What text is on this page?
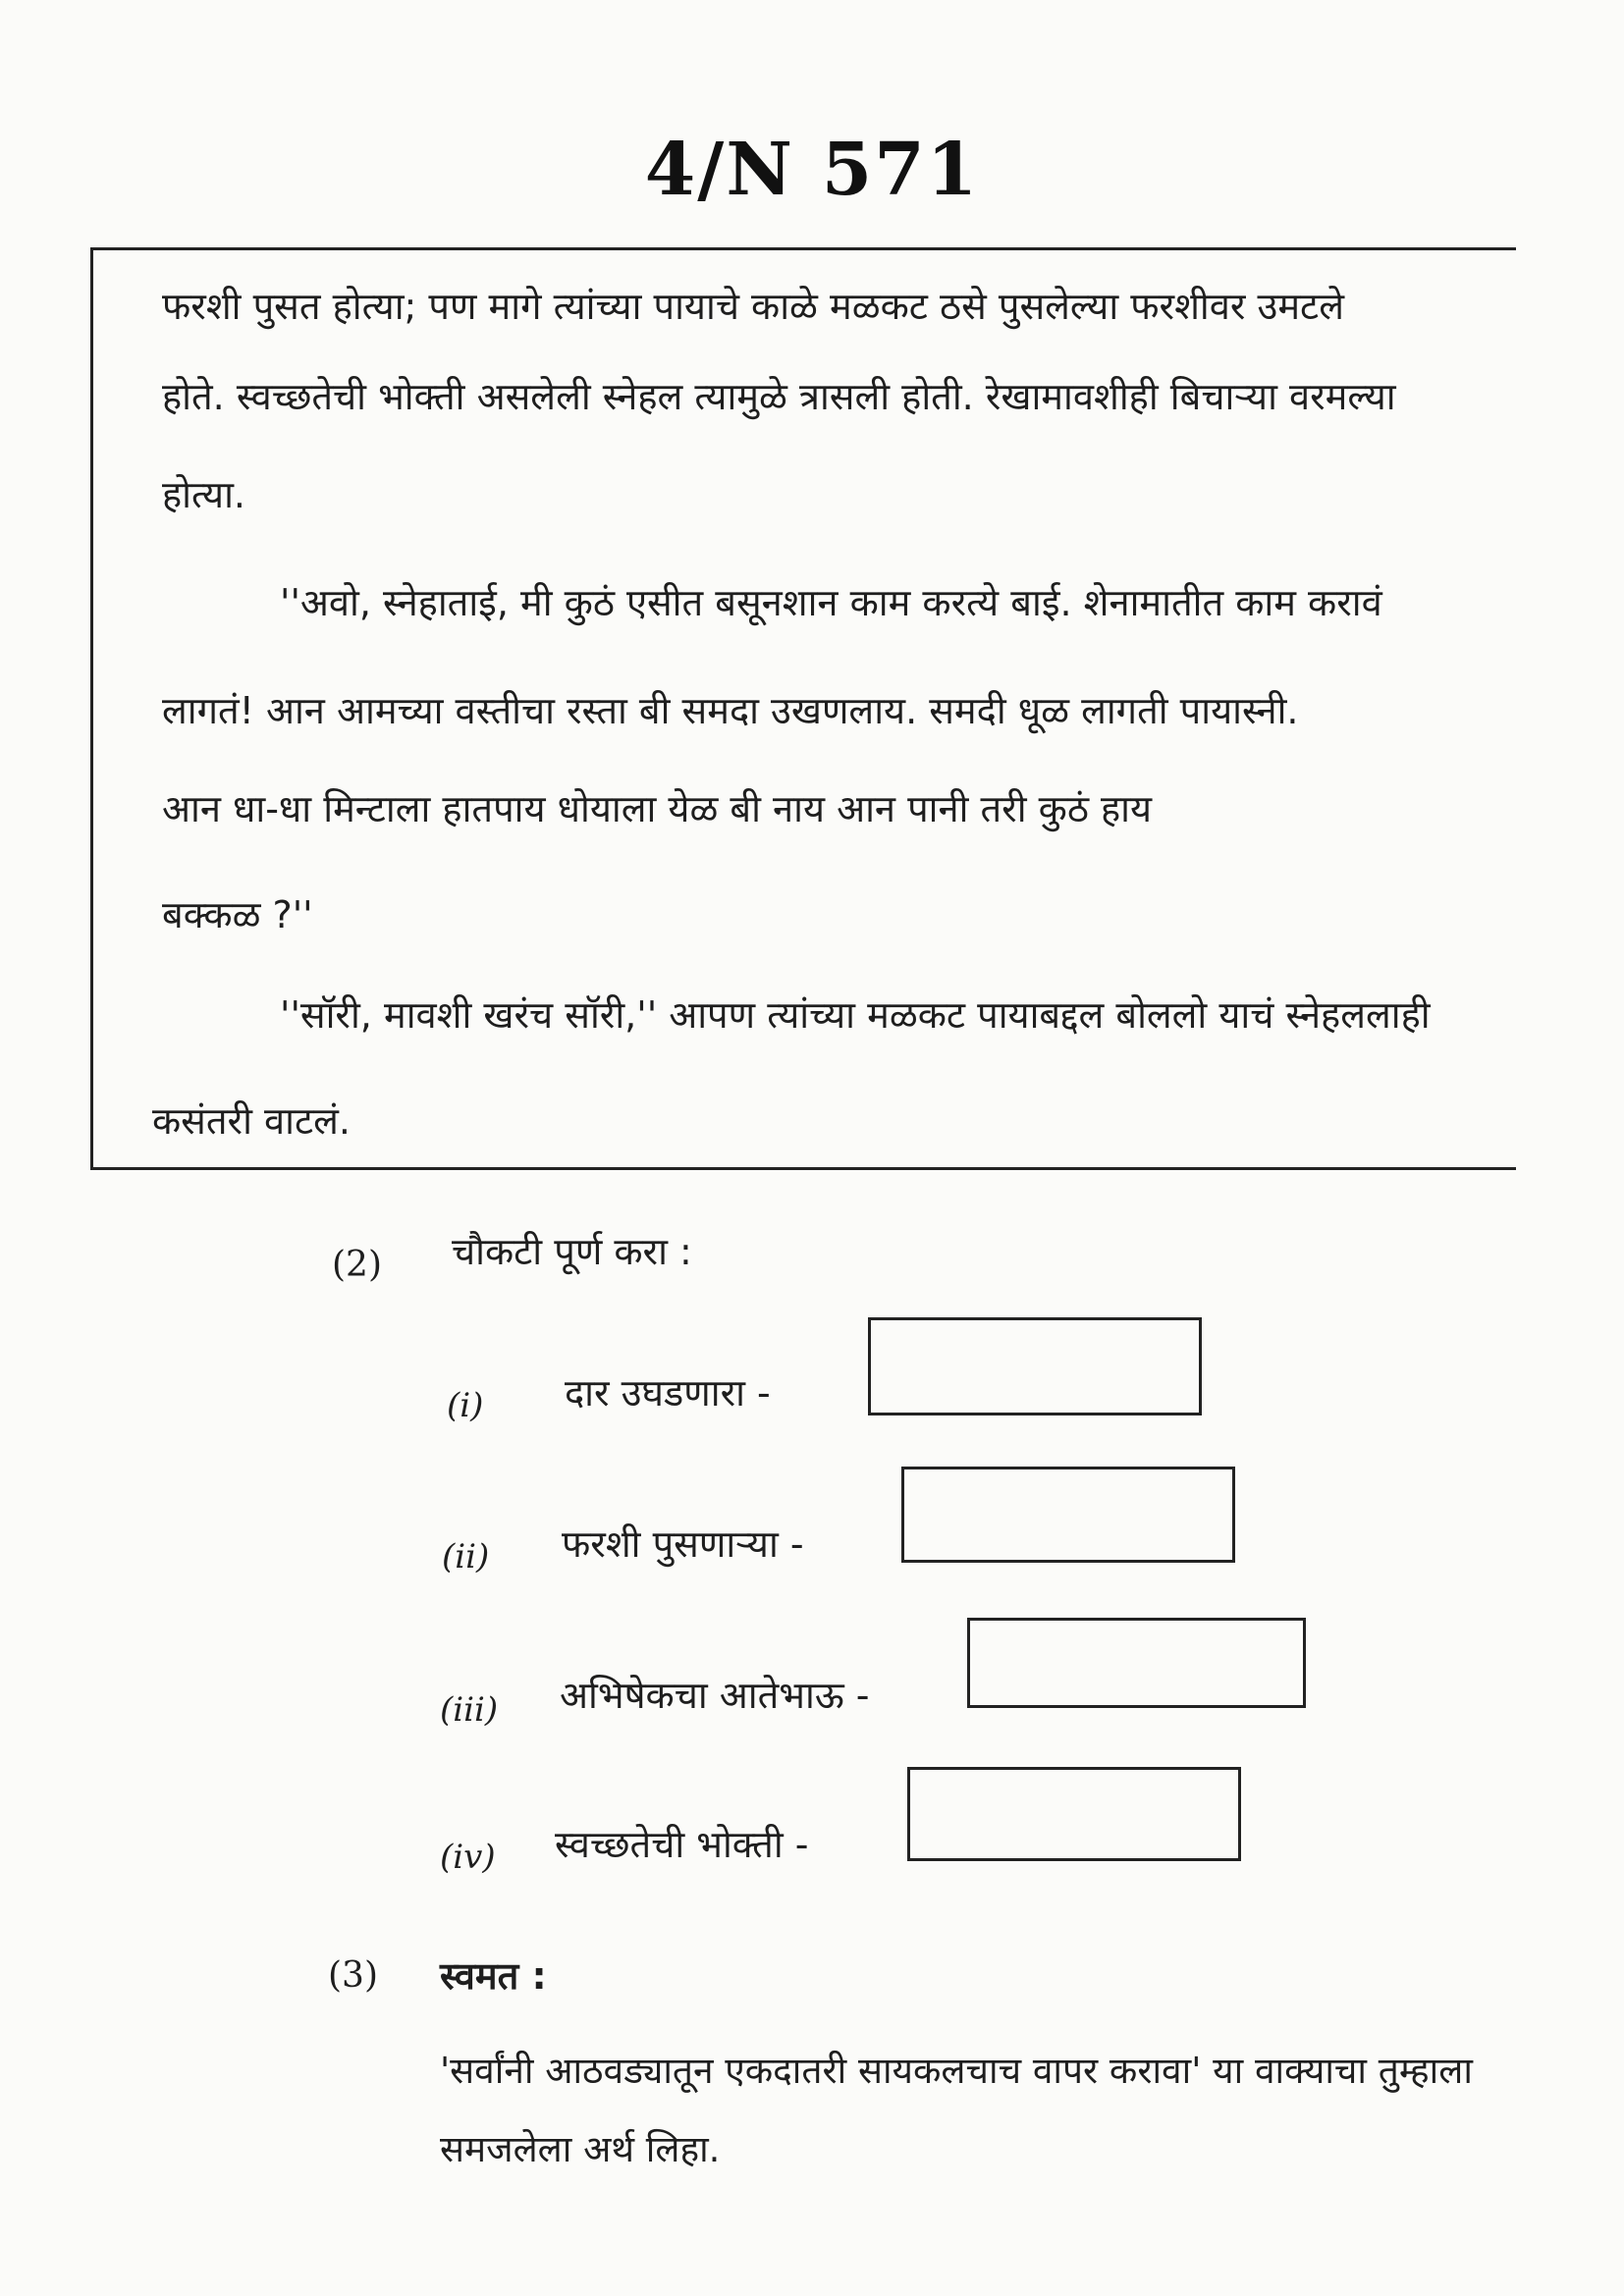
4/N 571
फरशी पुसत होत्या; पण मागे त्यांच्या पायाचे काळे मळकट ठसे पुसलेल्या फरशीवर उमटले
होते. स्वच्छतेची भोक्ती असलेली स्नेहल त्यामुळे त्रासली होती. रेखामावशीही बिचाऱ्या वरमल्या
होत्या.
''अवो, स्नेहाताई, मी कुठं एसीत बसूनशान काम करत्ये बाई. शेनामातीत काम करावं
लागतं! आन आमच्या वस्तीचा रस्ता बी समदा उखणलाय. समदी धूळ लागती पायास्नी.
आन धा-धा मिन्टाला हातपाय धोयाला येळ बी नाय आन पानी तरी कुठं हाय
बक्कळ ?''
''सॉरी, मावशी खरंच सॉरी,'' आपण त्यांच्या मळकट पायाबद्दल बोललो याचं स्नेहललाही
कसंतरी वाटलं.
(2) चौकटी पूर्ण करा :
(i) दार उघडणारा -
(ii) फरशी पुसणाऱ्या -
(iii) अभिषेकचा आतेभाऊ -
(iv) स्वच्छतेची भोक्ती -
(3) स्वमत :
'सर्वांनी आठवड्यातून एकदातरी सायकलचाच वापर करावा' या वाक्याचा तुम्हाला
समजलेला अर्थ लिहा.
